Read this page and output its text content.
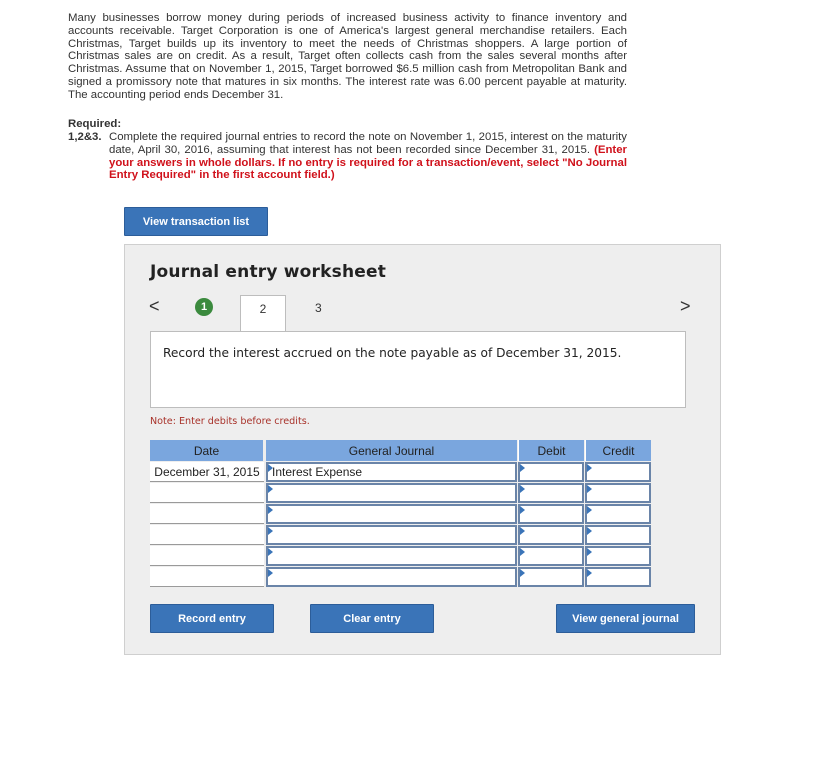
Many businesses borrow money during periods of increased business activity to finance inventory and accounts receivable. Target Corporation is one of America's largest general merchandise retailers. Each Christmas, Target builds up its inventory to meet the needs of Christmas shoppers. A large portion of Christmas sales are on credit. As a result, Target often collects cash from the sales several months after Christmas. Assume that on November 1, 2015, Target borrowed $6.5 million cash from Metropolitan Bank and signed a promissory note that matures in six months. The interest rate was 6.00 percent payable at maturity. The accounting period ends December 31.

Required:

1,2&3. Complete the required journal entries to record the note on November 1, 2015, interest on the maturity date, April 30, 2016, assuming that interest has not been recorded since December 31, 2015. (Enter your answers in whole dollars. If no entry is required for a transaction/event, select "No Journal Entry Required" in the first account field.)

View transaction list
Journal entry worksheet
<	>
1	2	3
Record the interest accrued on the note payable as of December 31, 2015.
Note: Enter debits before credits.
Date	General Journal	Debit	Credit
December 31, 2015	Interest Expense
Record entry	Clear entry	View general journal
